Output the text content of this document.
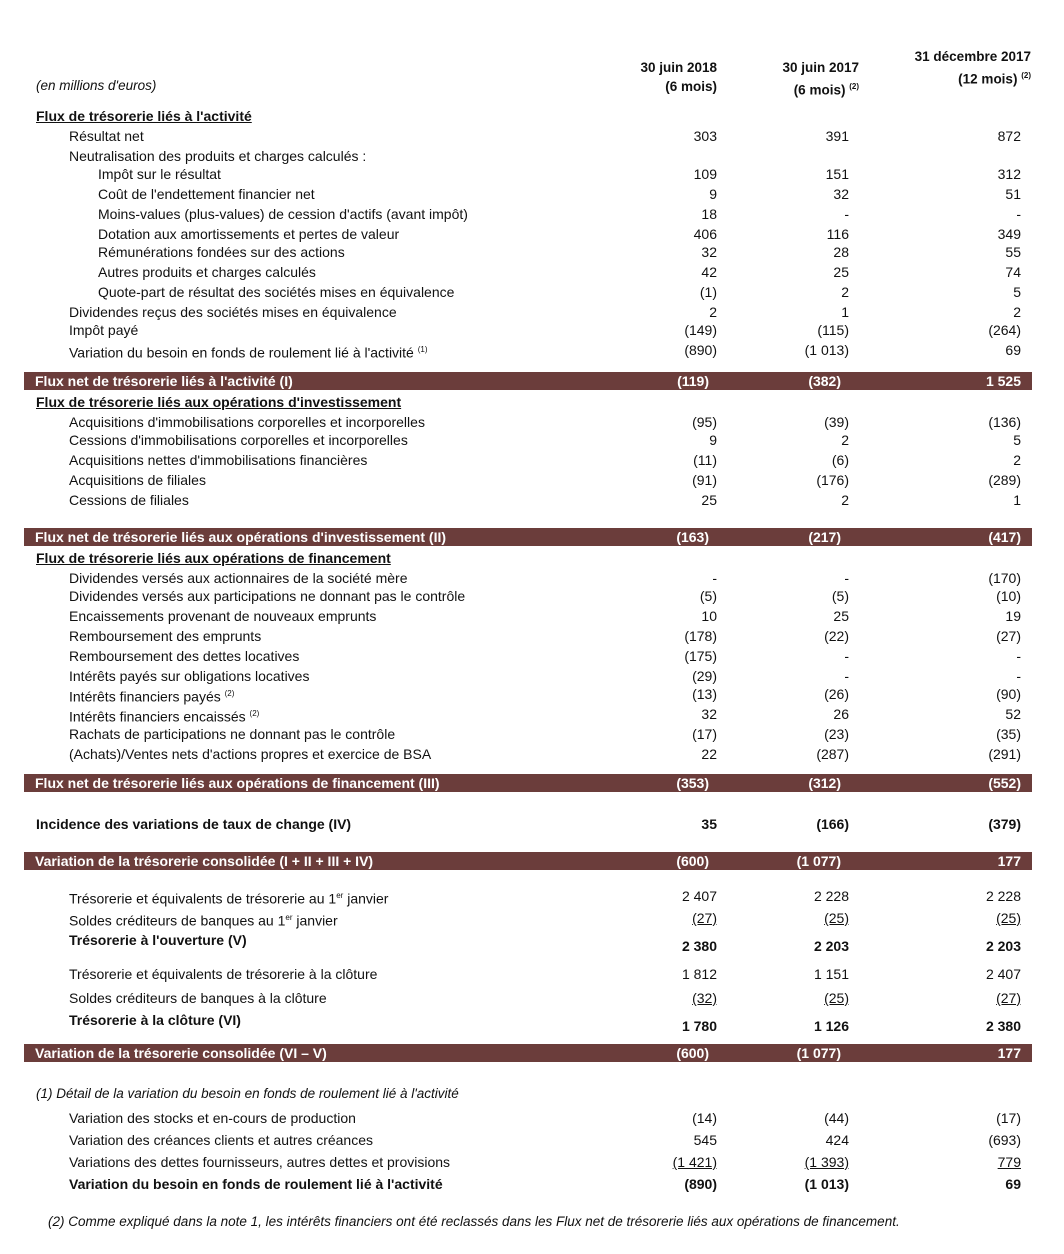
30 juin 2018
(6 mois)
30 juin 2017
(6 mois) $^{(2)}$
31 décembre 2017
(12 mois) $^{(2)}$
(en millions d'euros)
Flux de trésorerie liés à l'activité
Résultat net	303	391	872
Neutralisation des produits et charges calculés :
Impôt sur le résultat	109	151	312
Coût de l'endettement financier net	9	32	51
Moins-values (plus-values) de cession d'actifs (avant impôt)	18	-	-
Dotation aux amortissements et pertes de valeur	406	116	349
Rémunérations fondées sur des actions	32	28	55
Autres produits et charges calculés	42	25	74
Quote-part de résultat des sociétés mises en équivalence	(1)	2	5
Dividendes reçus des sociétés mises en équivalence	2	1	2
Impôt payé	(149)	(115)	(264)
Variation du besoin en fonds de roulement lié à l'activité $^{(1)}$	(890)	(1 013)	69
Flux net de trésorerie liés à l'activité (I)	(119)	(382)	1 525
Flux de trésorerie liés aux opérations d'investissement
Acquisitions d'immobilisations corporelles et incorporelles	(95)	(39)	(136)
Cessions d'immobilisations corporelles et incorporelles	9	2	5
Acquisitions nettes d'immobilisations financières	(11)	(6)	2
Acquisitions de filiales	(91)	(176)	(289)
Cessions de filiales	25	2	1
Flux net de trésorerie liés aux opérations d'investissement (II)	(163)	(217)	(417)
Flux de trésorerie liés aux opérations de financement
Dividendes versés aux actionnaires de la société mère	-	-	(170)
Dividendes versés aux participations ne donnant pas le contrôle	(5)	(5)	(10)
Encaissements provenant de nouveaux emprunts	10	25	19
Remboursement des emprunts	(178)	(22)	(27)
Remboursement des dettes locatives	(175)	-	-
Intérêts payés sur obligations locatives	(29)	-	-
Intérêts financiers payés $^{(2)}$	(13)	(26)	(90)
Intérêts financiers encaissés $^{(2)}$	32	26	52
Rachats de participations ne donnant pas le contrôle	(17)	(23)	(35)
(Achats)/Ventes nets d'actions propres et exercice de BSA	22	(287)	(291)
Flux net de trésorerie liés aux opérations de financement (III)	(353)	(312)	(552)
Incidence des variations de taux de change (IV)	35	(166)	(379)
Variation de la trésorerie consolidée (I + II + III + IV)	(600)	(1 077)	177
Trésorerie et équivalents de trésorerie au 1er janvier	2 407	2 228	2 228
Soldes créditeurs de banques au 1er janvier	(27)	(25)	(25)
Trésorerie à l'ouverture (V)	2 380	2 203	2 203
Trésorerie et équivalents de trésorerie à la clôture	1 812	1 151	2 407
Soldes créditeurs de banques à la clôture	(32)	(25)	(27)
Trésorerie à la clôture (VI)	1 780	1 126	2 380
Variation de la trésorerie consolidée (VI – V)	(600)	(1 077)	177
Variation des stocks et en-cours de production	(14)	(44)	(17)
Variation des créances clients et autres créances	545	424	(693)
Variations des dettes fournisseurs, autres dettes et provisions	(1 421)	(1 393)	779
Variation du besoin en fonds de roulement lié à l'activité	(890)	(1 013)	69
(1) Détail de la variation du besoin en fonds de roulement lié à l'activité
(2) Comme expliqué dans la note 1, les intérêts financiers ont été reclassés dans les Flux net de trésorerie liés aux opérations de financement.
